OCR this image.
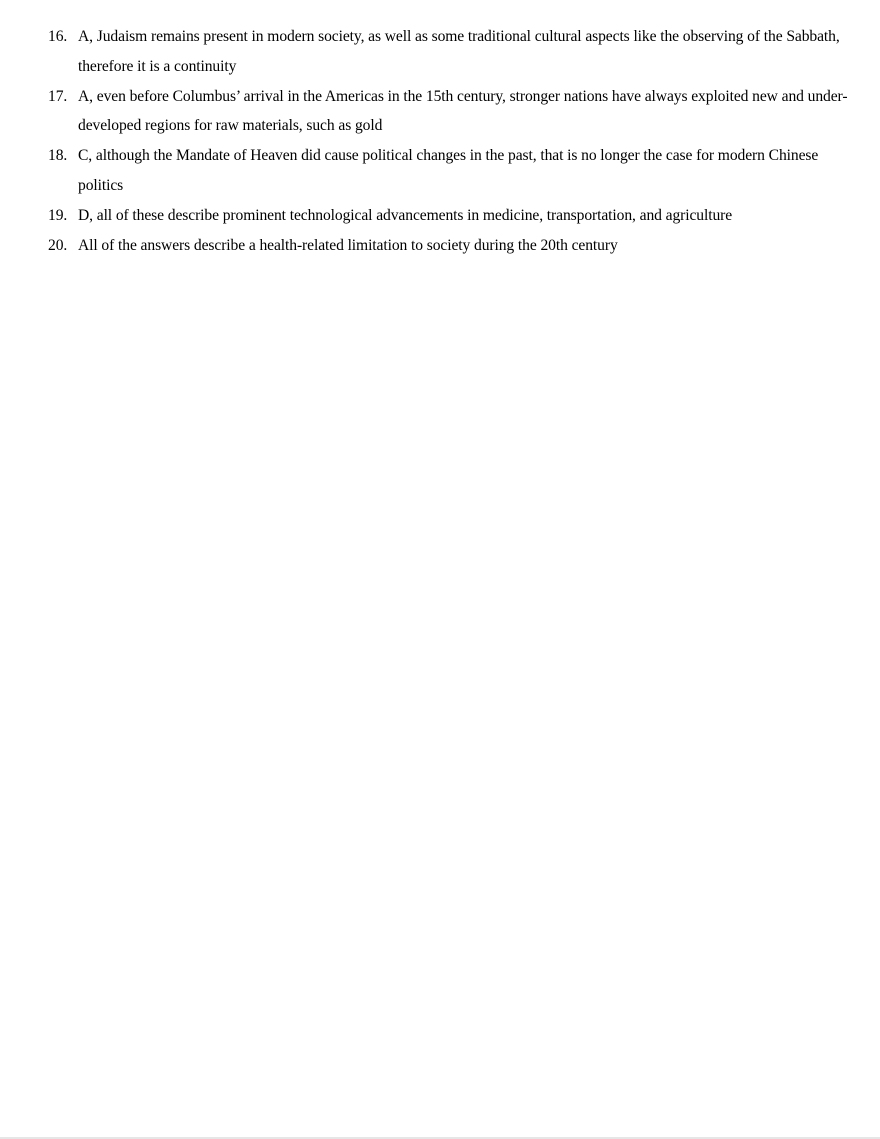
16. A, Judaism remains present in modern society, as well as some traditional cultural aspects like the observing of the Sabbath, therefore it is a continuity
17. A, even before Columbus’ arrival in the Americas in the 15th century, stronger nations have always exploited new and under-developed regions for raw materials, such as gold
18. C, although the Mandate of Heaven did cause political changes in the past, that is no longer the case for modern Chinese politics
19. D, all of these describe prominent technological advancements in medicine, transportation, and agriculture
20. All of the answers describe a health-related limitation to society during the 20th century
